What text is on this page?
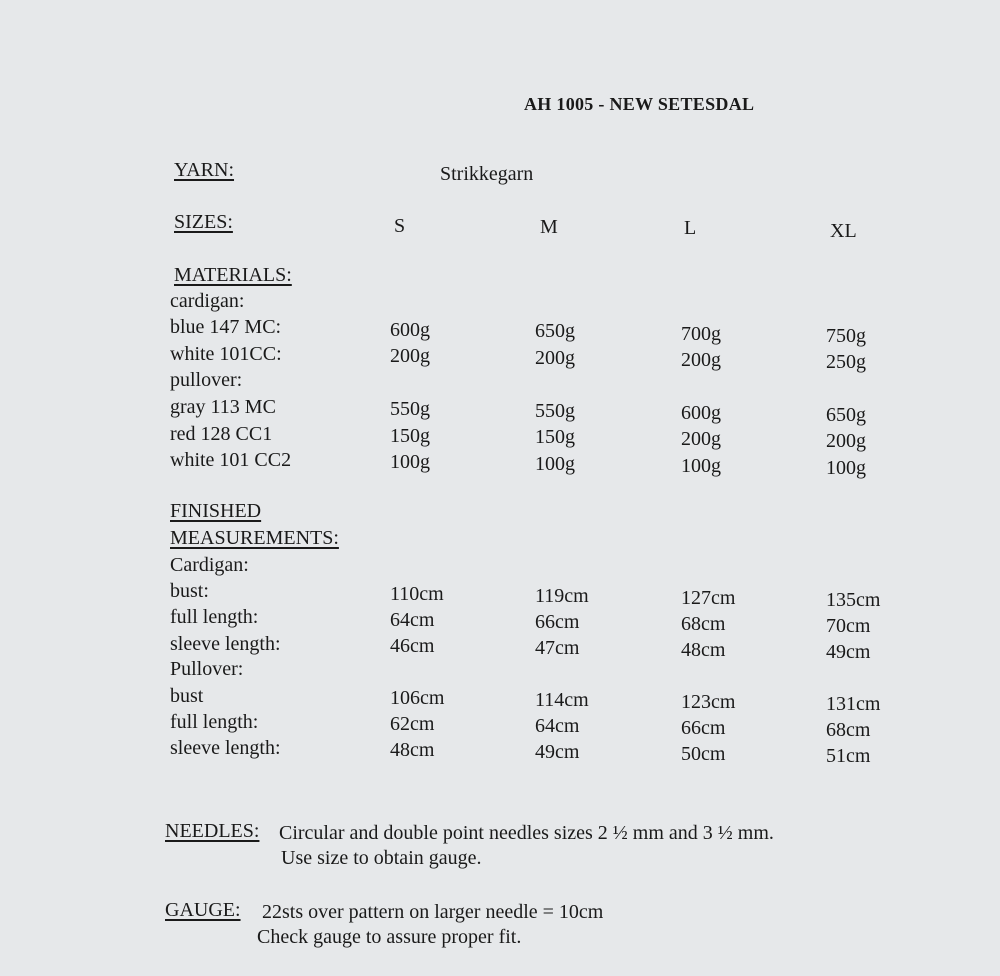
AH 1005 - NEW SETESDAL
YARN:	Strikkegarn
SIZES:	S	M	L	XL
MATERIALS:
cardigan:
blue 147 MC:	600g	650g	700g	750g
white 101CC:	200g	200g	200g	250g
pullover:
gray 113 MC	550g	550g	600g	650g
red 128 CC1	150g	150g	200g	200g
white 101 CC2	100g	100g	100g	100g
FINISHED
MEASUREMENTS:
Cardigan:
bust:	110cm	119cm	127cm	135cm
full length:	64cm	66cm	68cm	70cm
sleeve length:	46cm	47cm	48cm	49cm
Pullover:
bust	106cm	114cm	123cm	131cm
full length:	62cm	64cm	66cm	68cm
sleeve length:	48cm	49cm	50cm	51cm
NEEDLES: Circular and double point needles sizes 2 ½ mm and 3 ½ mm.
Use size to obtain gauge.
GAUGE: 22sts over pattern on larger needle = 10cm
Check gauge to assure proper fit.
